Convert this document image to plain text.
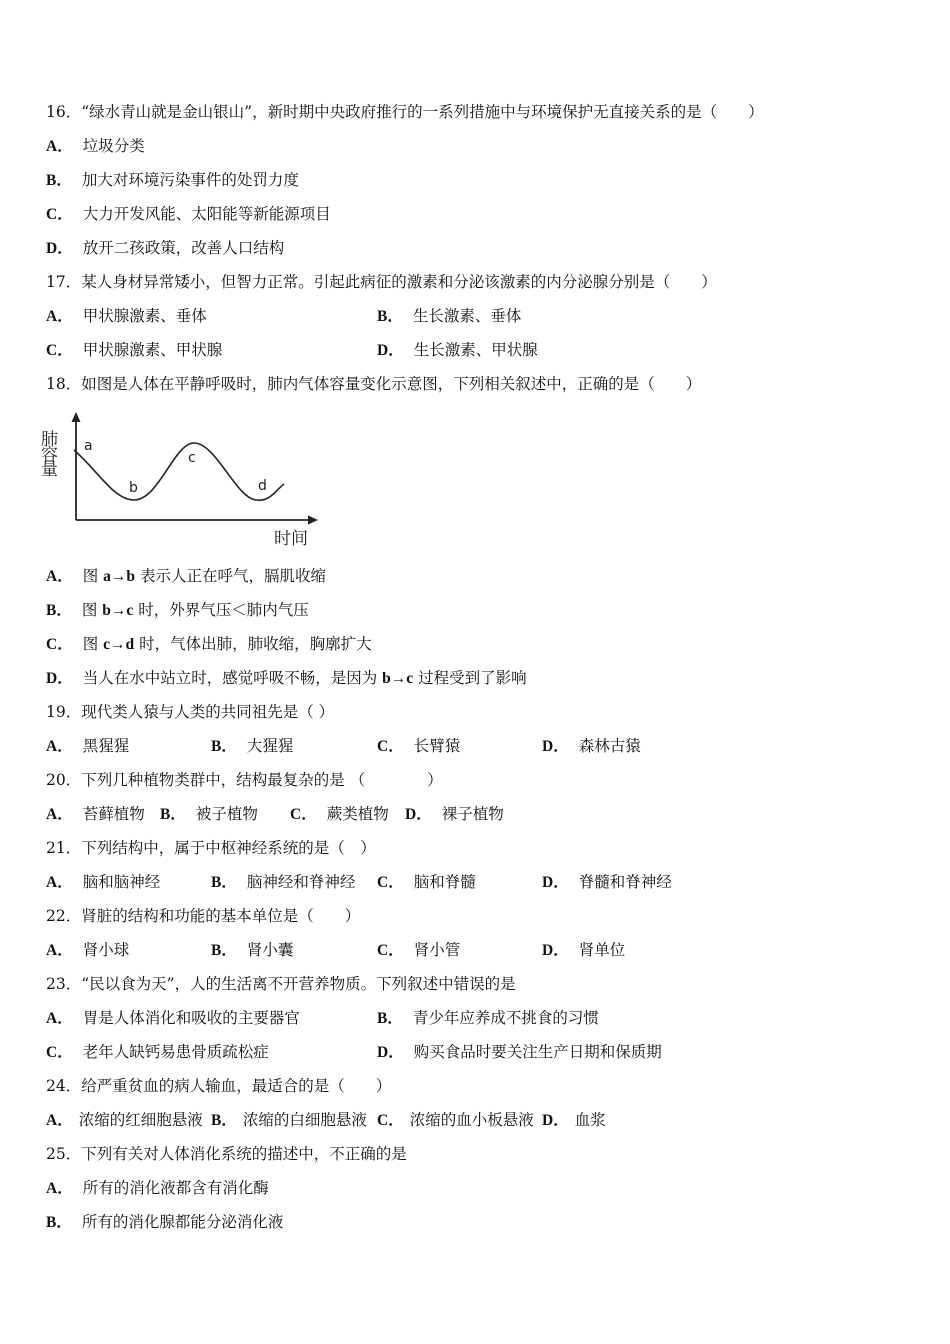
16．“绿水青山就是金山银山”，新时期中央政府推行的一系列措施中与环境保护无直接关系的是（　　）
A． 垃圾分类
B． 加大对环境污染事件的处罚力度
C． 大力开发风能、太阳能等新能源项目
D． 放开二孩政策，改善人口结构
17．某人身材异常矮小，但智力正常。引起此病征的激素和分泌该激素的内分泌腺分别是（　　）
A． 甲状腺激素、垂体	B． 生长激素、垂体
C． 甲状腺激素、甲状腺	D． 生长激素、甲状腺
18．如图是人体在平静呼吸时，肺内气体容量变化示意图，下列相关叙述中，正确的是（　　）
肺容量
时间
a
b
c
d
A． 图 a→b 表示人正在呼气，膈肌收缩
B． 图 b→c 时，外界气压＜肺内气压
C． 图 c→d 时，气体出肺，肺收缩，胸廓扩大
D． 当人在水中站立时，感觉呼吸不畅，是因为 b→c 过程受到了影响
19．现代类人猿与人类的共同祖先是（ ）
A． 黑猩猩	B． 大猩猩	C． 长臂猿	D． 森林古猿
20．下列几种植物类群中，结构最复杂的是 （　　　　）
A． 苔藓植物 B． 被子植物 C． 蕨类植物 D． 裸子植物
21．下列结构中，属于中枢神经系统的是（　）
A． 脑和脑神经	B． 脑神经和脊神经 C． 脑和脊髓	D． 脊髓和脊神经
22．肾脏的结构和功能的基本单位是（　　）
A． 肾小球	B． 肾小囊	C． 肾小管	D． 肾单位
23．“民以食为天”，人的生活离不开营养物质。下列叙述中错误的是
A． 胃是人体消化和吸收的主要器官	B． 青少年应养成不挑食的习惯
C． 老年人缺钙易患骨质疏松症	D． 购买食品时要关注生产日期和保质期
24．给严重贫血的病人输血，最适合的是（　　）
A． 浓缩的红细胞悬液 B． 浓缩的白细胞悬液 C． 浓缩的血小板悬液 D． 血浆
25．下列有关对人体消化系统的描述中，不正确的是
A． 所有的消化液都含有消化酶
B． 所有的消化腺都能分泌消化液
